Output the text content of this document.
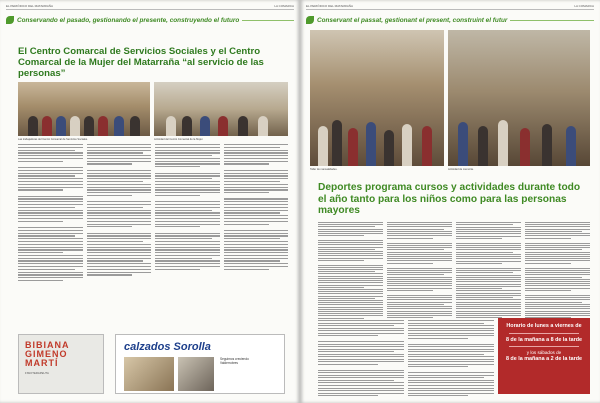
EL PERIÓDICO DEL MATARRAÑA	LA COMARCA
Conservando el pasado, gestionando el presente, construyendo el futuro
El Centro Comarcal de Servicios Sociales y el Centro Comarcal de la Mujer del Matarraña “al servicio de las personas”
Las trabajadoras del Centro Comarcal de Servicios Sociales.	Actividad del Centro Comarcal de la Mujer.
BIBIANA
GIMENO
MARTÍ
FISIOTERAPEUTA
calzados Sorolla
Seguimos creciendo
Valderrobres
EL PERIÓDICO DEL MATARRAÑA	LA COMARCA
Conservant el passat, gestionant el present, construint el futur
Taller de manualidades.	Actividad de memoria.
Deportes programa cursos y actividades durante todo el año tanto para los niños como para las personas mayores
Horario de lunes a viernes de
8 de la mañana a 8 de la tarde
y los sábados de
8 de la mañana a 2 de la tarde
